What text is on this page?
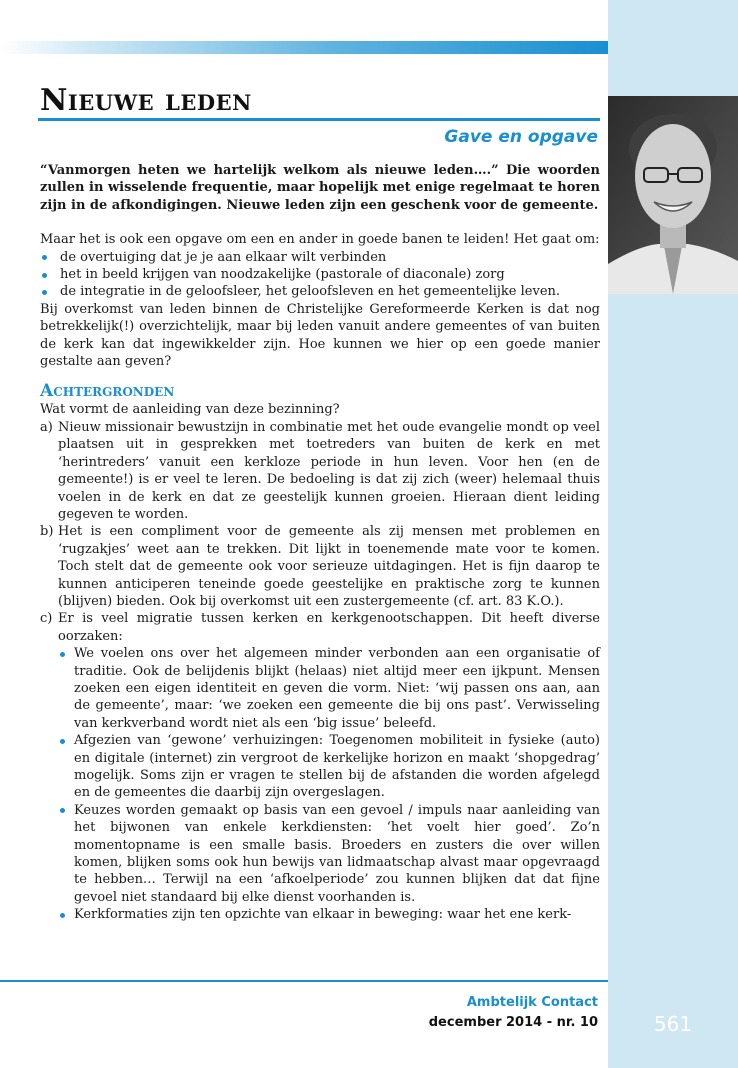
Nieuwe leden

Gave en opgave

“Vanmorgen heten we hartelijk welkom als nieuwe leden….” Die woorden zullen in wisselende frequentie, maar hopelijk met enige regelmaat te horen zijn in de afkondigingen. Nieuwe leden zijn een geschenk voor de gemeente.

Maar het is ook een opgave om een en ander in goede banen te leiden! Het gaat om:

de overtuiging dat je je aan elkaar wilt verbinden
het in beeld krijgen van noodzakelijke (pastorale of diaconale) zorg
de integratie in de geloofsleer, het geloofsleven en het gemeentelijke leven.

Bij overkomst van leden binnen de Christelijke Gereformeerde Kerken is dat nog betrekkelijk(!) overzichtelijk, maar bij leden vanuit andere gemeentes of van buiten de kerk kan dat ingewikkelder zijn. Hoe kunnen we hier op een goede manier gestalte aan geven?

Achtergronden

Wat vormt de aanleiding van deze bezinning?

a) Nieuw missionair bewustzijn in combinatie met het oude evangelie mondt op veel plaatsen uit in gesprekken met toetreders van buiten de kerk en met ‘herintreders’ vanuit een kerkloze periode in hun leven. Voor hen (en de gemeente!) is er veel te leren. De bedoeling is dat zij zich (weer) helemaal thuis voelen in de kerk en dat ze geestelijk kunnen groeien. Hieraan dient leiding gegeven te worden.
b) Het is een compliment voor de gemeente als zij mensen met problemen en ‘rugzakjes’ weet aan te trekken. Dit lijkt in toenemende mate voor te komen. Toch stelt dat de gemeente ook voor serieuze uitdagingen. Het is fijn daarop te kunnen anticiperen teneinde goede geestelijke en praktische zorg te kunnen (blijven) bieden. Ook bij overkomst uit een zustergemeente (cf. art. 83 K.O.).
c) Er is veel migratie tussen kerken en kerkgenootschappen. Dit heeft diverse oorzaken:
We voelen ons over het algemeen minder verbonden aan een organisatie of traditie. Ook de belijdenis blijkt (helaas) niet altijd meer een ijkpunt. Mensen zoeken een eigen identiteit en geven die vorm. Niet: ‘wij passen ons aan, aan de gemeente’, maar: ‘we zoeken een gemeente die bij ons past’. Verwisseling van kerkverband wordt niet als een ‘big issue’ beleefd.
Afgezien van ‘gewone’ verhuizingen: Toegenomen mobiliteit in fysieke (auto) en digitale (internet) zin vergroot de kerkelijke horizon en maakt ‘shopgedrag’ mogelijk. Soms zijn er vragen te stellen bij de afstanden die worden afgelegd en de gemeentes die daarbij zijn overgeslagen.
Keuzes worden gemaakt op basis van een gevoel / impuls naar aanleiding van het bijwonen van enkele kerkdiensten: ‘het voelt hier goed’. Zo’n momentopname is een smalle basis. Broeders en zusters die over willen komen, blijken soms ook hun bewijs van lidmaatschap alvast maar opgevraagd te hebben… Terwijl na een ‘afkoelperiode’ zou kunnen blijken dat dat fijne gevoel niet standaard bij elke dienst voorhanden is.
Kerkformaties zijn ten opzichte van elkaar in beweging: waar het ene kerk-

Ambtelijk Contact

december 2014 - nr. 10	561
